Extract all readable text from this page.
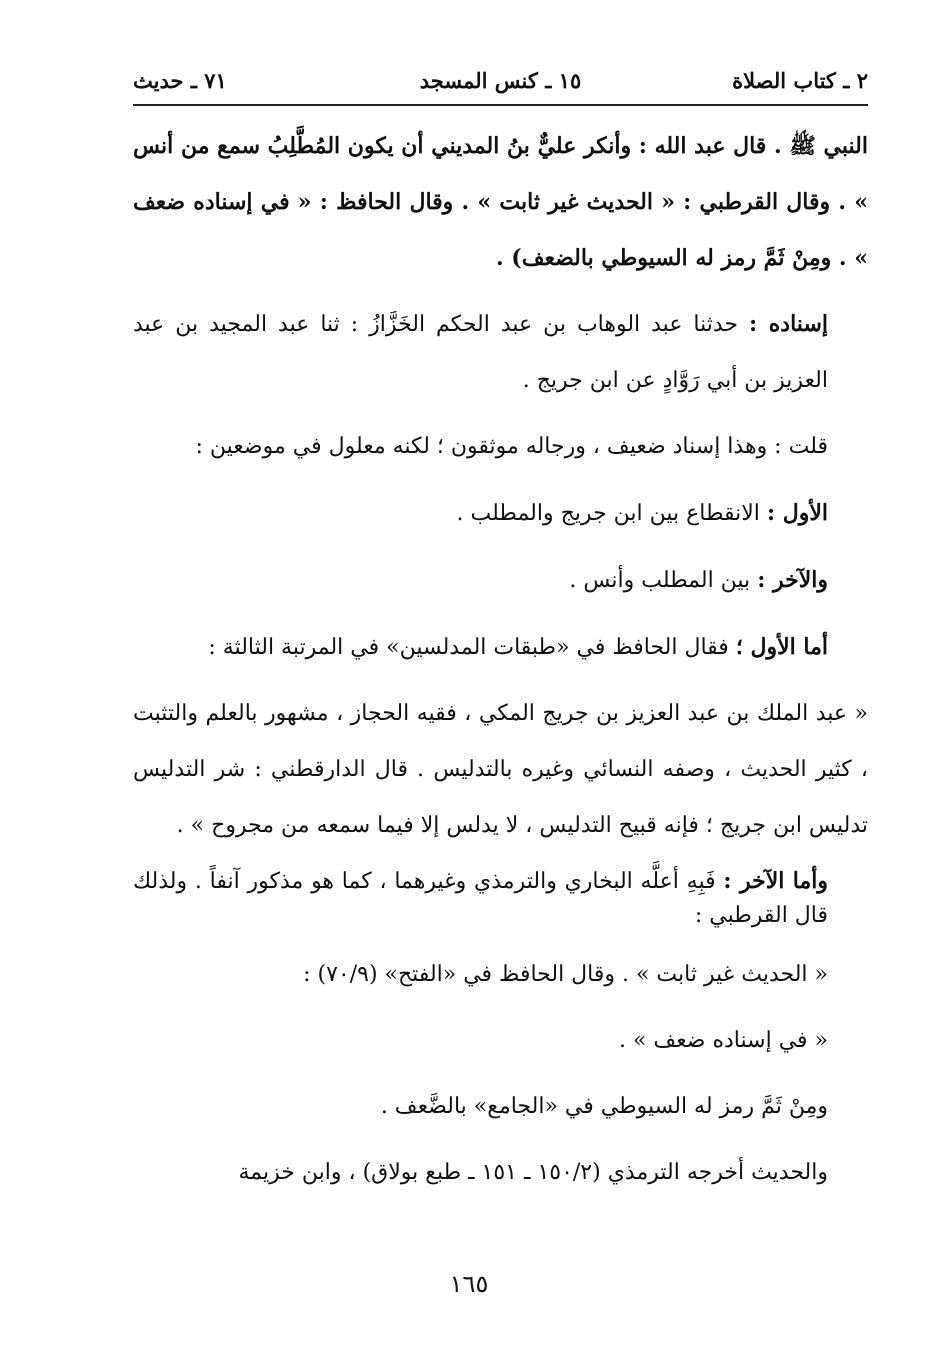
٢ ـ كتاب الصلاة
١٥ ـ كنس المسجد
٧١ ـ حديث

النبي ﷺ . قال عبد الله : وأنكر عليٌّ بنُ المديني أن يكون المُطَّلِبُ سمع من أنس » . وقال القرطبي : « الحديث غير ثابت » . وقال الحافظ : « في إسناده ضعف » . ومِنْ ثَمَّ رمز له السيوطي بالضعف) .

إسناده : حدثنا عبد الوهاب بن عبد الحكم الخَزَّازُ : ثنا عبد المجيد بن عبد العزيز بن أبي رَوَّادٍ عن ابن جريج .

قلت : وهذا إسناد ضعيف ، ورجاله موثقون ؛ لكنه معلول في موضعين :

الأول : الانقطاع بين ابن جريج والمطلب .

والآخر : بين المطلب وأنس .

أما الأول ؛ فقال الحافظ في «طبقات المدلسين» في المرتبة الثالثة :

« عبد الملك بن عبد العزيز بن جريج المكي ، فقيه الحجاز ، مشهور بالعلم والتثبت ، كثير الحديث ، وصفه النسائي وغيره بالتدليس . قال الدارقطني : شر التدليس تدليس ابن جريج ؛ فإنه قبيح التدليس ، لا يدلس إلا فيما سمعه من مجروح » .

وأما الآخر : فَبِهِ أعلَّه البخاري والترمذي وغيرهما ، كما هو مذكور آنفاً . ولذلك قال القرطبي :

« الحديث غير ثابت » . وقال الحافظ في «الفتح» (٧٠/٩) :

« في إسناده ضعف » .

ومِنْ ثَمَّ رمز له السيوطي في «الجامع» بالضَّعف .

والحديث أخرجه الترمذي (١٥٠/٢ ـ ١٥١ ـ طبع بولاق) ، وابن خزيمة

١٦٥
